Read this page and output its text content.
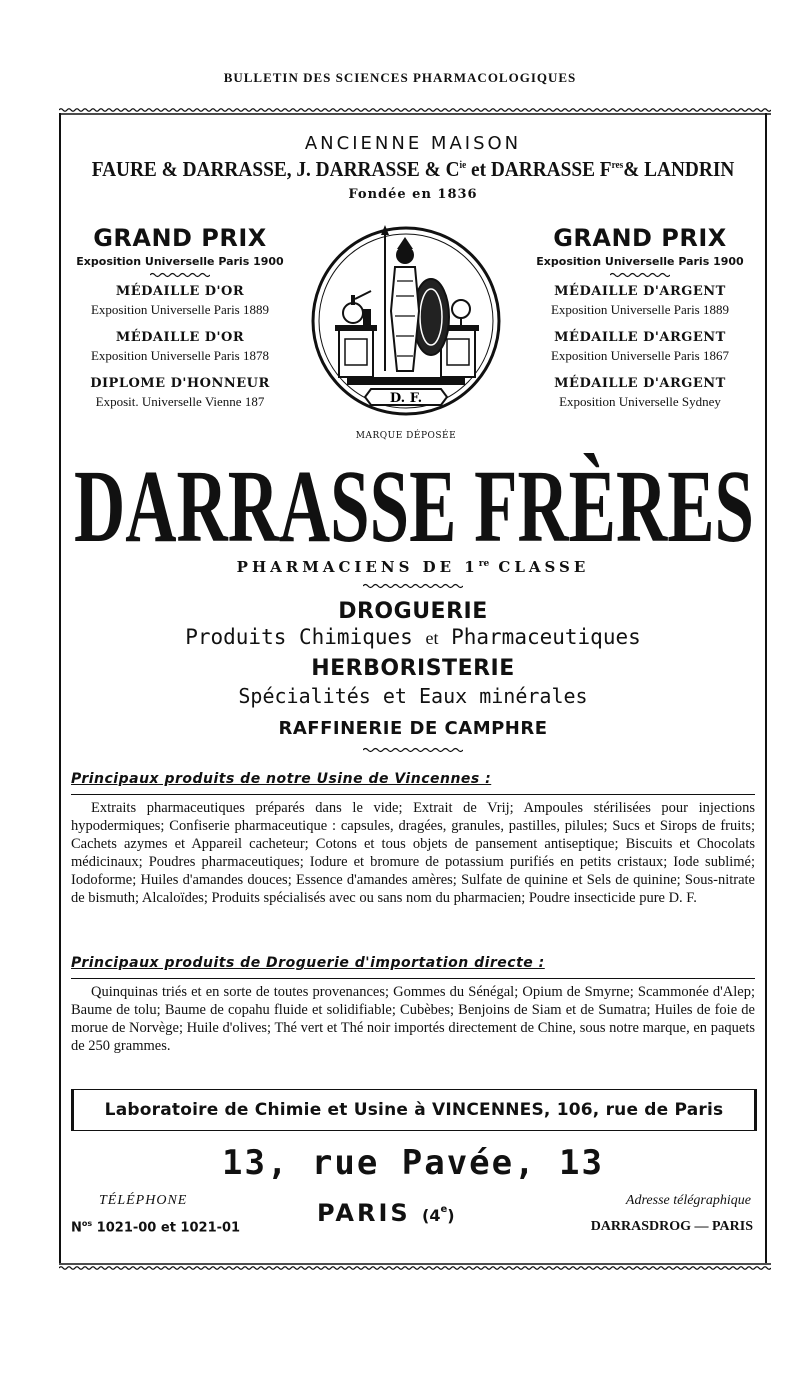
BULLETIN DES SCIENCES PHARMACOLOGIQUES
ANCIENNE MAISON
FAURE & DARRASSE, J. DARRASSE & $C^{ie}$ et DARRASSE $F^{res}\&$ LANDRIN
Fondée en 1836
GRAND PRIX
Exposition Universelle Paris 1900
MÉDAILLE D'OR
Exposition Universelle Paris 1889
MÉDAILLE D'OR
Exposition Universelle Paris 1878
DIPLOME D'HONNEUR
Exposit. Universelle Vienne 187
GRAND PRIX
Exposition Universelle Paris 1900
MÉDAILLE D'ARGENT
Exposition Universelle Paris 1889
MÉDAILLE D'ARGENT
Exposition Universelle Paris 1867
MÉDAILLE D'ARGENT
Exposition Universelle Sydney
D. F.
MARQUE DÉPOSÉE
DARRASSE FRÈRES
PHARMACIENS DE 1re CLASSE
DROGUERIE
Produits Chimiques et Pharmaceutiques
HERBORISTERIE
Spécialités et Eaux minérales
RAFFINERIE DE CAMPHRE
Principaux produits de notre Usine de Vincennes :
Extraits pharmaceutiques préparés dans le vide; Extrait de Vrij; Ampoules stérilisées pour injections hypodermiques; Confiserie pharmaceutique : capsules, dragées, granules, pastilles, pilules; Sucs et Sirops de fruits; Cachets azymes et Appareil cacheteur; Cotons et tous objets de pansement antiseptique; Biscuits et Chocolats médicinaux; Poudres pharmaceutiques; Iodure et bromure de potassium purifiés en petits cristaux; Iode sublimé; Iodoforme; Huiles d'amandes douces; Essence d'amandes amères; Sulfate de quinine et Sels de quinine; Sous-nitrate de bismuth; Alcaloïdes; Produits spécialisés avec ou sans nom du pharmacien; Poudre insecticide pure D. F.
Principaux produits de Droguerie d'importation directe :
Quinquinas triés et en sorte de toutes provenances; Gommes du Sénégal; Opium de Smyrne; Scammonée d'Alep; Baume de tolu; Baume de copahu fluide et solidifiable; Cubèbes; Benjoins de Siam et de Sumatra; Huiles de foie de morue de Norvège; Huile d'olives; Thé vert et Thé noir importés directement de Chine, sous notre marque, en paquets de 250 grammes.
Laboratoire de Chimie et Usine à VINCENNES, 106, rue de Paris
13, rue Pavée, 13
TÉLÉPHONE
$N^{os}$ 1021-00 et 1021-01
PARIS (4e)
Adresse télégraphique
DARRASDROG — PARIS
